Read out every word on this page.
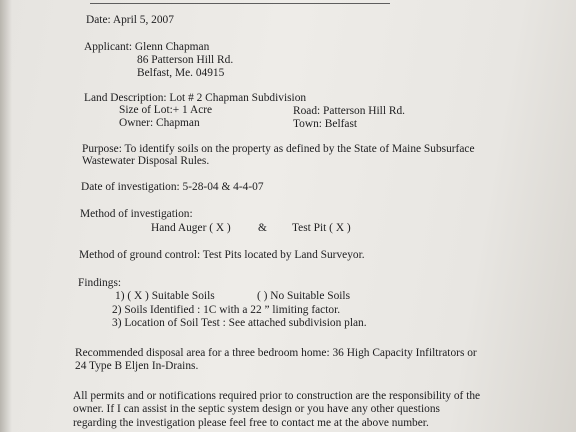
Date: April 5, 2007
Applicant: Glenn Chapman
86 Patterson Hill Rd.
Belfast, Me. 04915
Land Description: Lot # 2 Chapman Subdivision
Size of Lot:+ 1 Acre	Road: Patterson Hill Rd.
Owner: Chapman	Town: Belfast
Purpose: To identify soils on the property as defined by the State of Maine Subsurface
Wastewater Disposal Rules.
Date of investigation: 5-28-04 & 4-4-07
Method of investigation:
Hand Auger ( X ) & Test Pit ( X )
Method of ground control: Test Pits located by Land Surveyor.
Findings:
1) ( X ) Suitable Soils	( ) No Suitable Soils
2) Soils Identified : 1C with a 22 ” limiting factor.
3) Location of Soil Test : See attached subdivision plan.
Recommended disposal area for a three bedroom home: 36 High Capacity Infiltrators or
24 Type B Eljen In-Drains.
All permits and or notifications required prior to construction are the responsibility of the
owner. If I can assist in the septic system design or you have any other questions
regarding the investigation please feel free to contact me at the above number.
